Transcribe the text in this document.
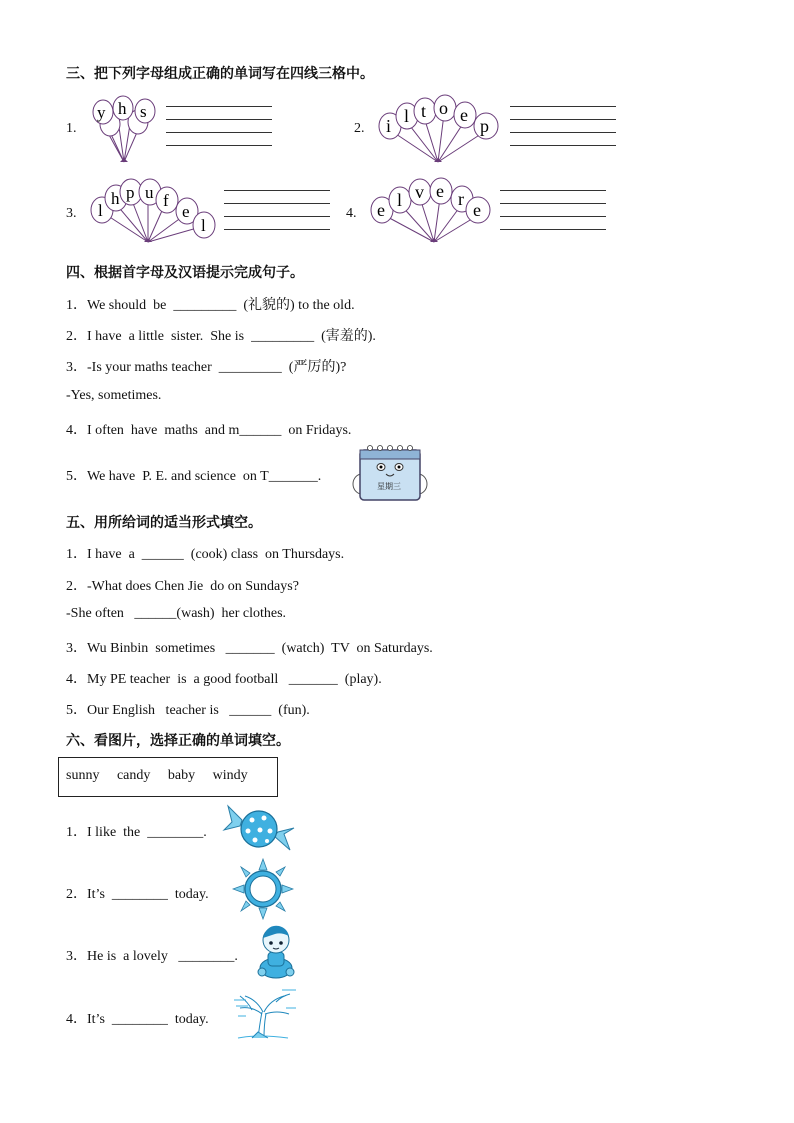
三、把下列字母组成正确的单词写在四线三格中。
1.
y h s
2. i l t o e
p
3. l
h p u f
e
l
4. e l v e r
e
四、根据首字母及汉语提示完成句子。
1．We should  be  _________  (礼貌的) to the old.
2．I have  a little  sister.  She is  _________  (害羞的).
3．-Is your maths teacher  _________  (严厉的)?
-Yes, sometimes.
4．I often  have  maths  and m______  on Fridays.
5．We have  P. E. and science  on T_______.
星期三
五、用所给词的适当形式填空。
1．I have  a  ______  (cook) class  on Thursdays.
2．-What does Chen Jie  do on Sundays?
-She often   ______(wash)  her clothes.
3．Wu Binbin  sometimes   _______  (watch)  TV  on Saturdays.
4．My PE teacher  is  a good football   _______  (play).
5．Our English   teacher is   ______  (fun).
六、看图片，选择正确的单词填空。
sunny     candy     baby     windy
1．I like  the  ________.
2．It’s  ________  today.
3．He is  a lovely   ________.
4．It’s  ________  today.
